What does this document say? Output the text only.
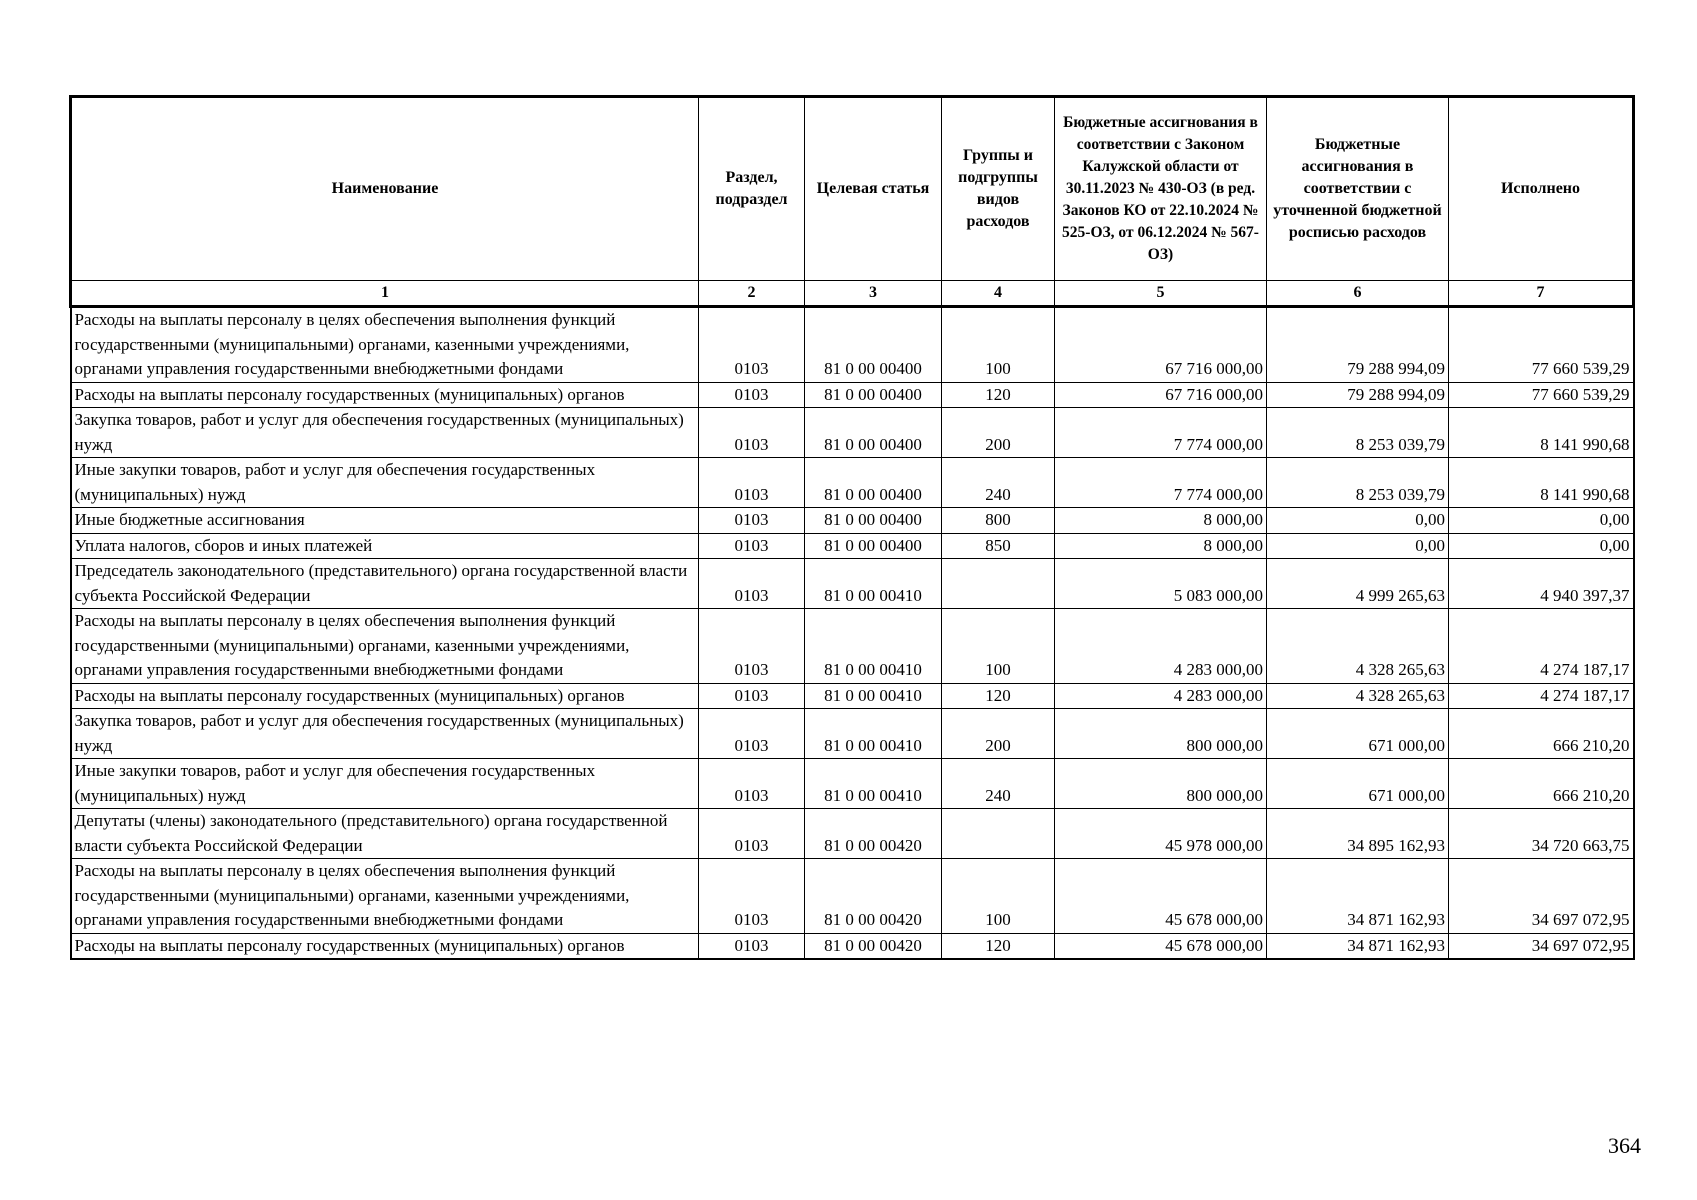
Наименование	Раздел, подраздел	Целевая статья	Группы и подгруппы видов расходов	Бюджетные ассигнования в соответствии с Законом Калужской области от 30.11.2023 № 430-ОЗ (в ред. Законов КО от 22.10.2024 № 525-ОЗ, от 06.12.2024 № 567-ОЗ)	Бюджетные ассигнования в соответствии с уточненной бюджетной росписью расходов	Исполнено
1	2	3	4	5	6	7
Расходы на выплаты персоналу в целях обеспечения выполнения функций государственными (муниципальными) органами, казенными учреждениями, органами управления государственными внебюджетными фондами	0103	81 0 00 00400	100	67 716 000,00	79 288 994,09	77 660 539,29
Расходы на выплаты персоналу государственных (муниципальных) органов	0103	81 0 00 00400	120	67 716 000,00	79 288 994,09	77 660 539,29
Закупка товаров, работ и услуг для обеспечения государственных (муниципальных) нужд	0103	81 0 00 00400	200	7 774 000,00	8 253 039,79	8 141 990,68
Иные закупки товаров, работ и услуг для обеспечения государственных (муниципальных) нужд	0103	81 0 00 00400	240	7 774 000,00	8 253 039,79	8 141 990,68
Иные бюджетные ассигнования	0103	81 0 00 00400	800	8 000,00	0,00	0,00
Уплата налогов, сборов и иных платежей	0103	81 0 00 00400	850	8 000,00	0,00	0,00
Председатель законодательного (представительного) органа государственной власти субъекта Российской Федерации	0103	81 0 00 00410		5 083 000,00	4 999 265,63	4 940 397,37
Расходы на выплаты персоналу в целях обеспечения выполнения функций государственными (муниципальными) органами, казенными учреждениями, органами управления государственными внебюджетными фондами	0103	81 0 00 00410	100	4 283 000,00	4 328 265,63	4 274 187,17
Расходы на выплаты персоналу государственных (муниципальных) органов	0103	81 0 00 00410	120	4 283 000,00	4 328 265,63	4 274 187,17
Закупка товаров, работ и услуг для обеспечения государственных (муниципальных) нужд	0103	81 0 00 00410	200	800 000,00	671 000,00	666 210,20
Иные закупки товаров, работ и услуг для обеспечения государственных (муниципальных) нужд	0103	81 0 00 00410	240	800 000,00	671 000,00	666 210,20
Депутаты (члены) законодательного (представительного) органа государственной власти субъекта Российской Федерации	0103	81 0 00 00420		45 978 000,00	34 895 162,93	34 720 663,75
Расходы на выплаты персоналу в целях обеспечения выполнения функций государственными (муниципальными) органами, казенными учреждениями, органами управления государственными внебюджетными фондами	0103	81 0 00 00420	100	45 678 000,00	34 871 162,93	34 697 072,95
Расходы на выплаты персоналу государственных (муниципальных) органов	0103	81 0 00 00420	120	45 678 000,00	34 871 162,93	34 697 072,95
364
